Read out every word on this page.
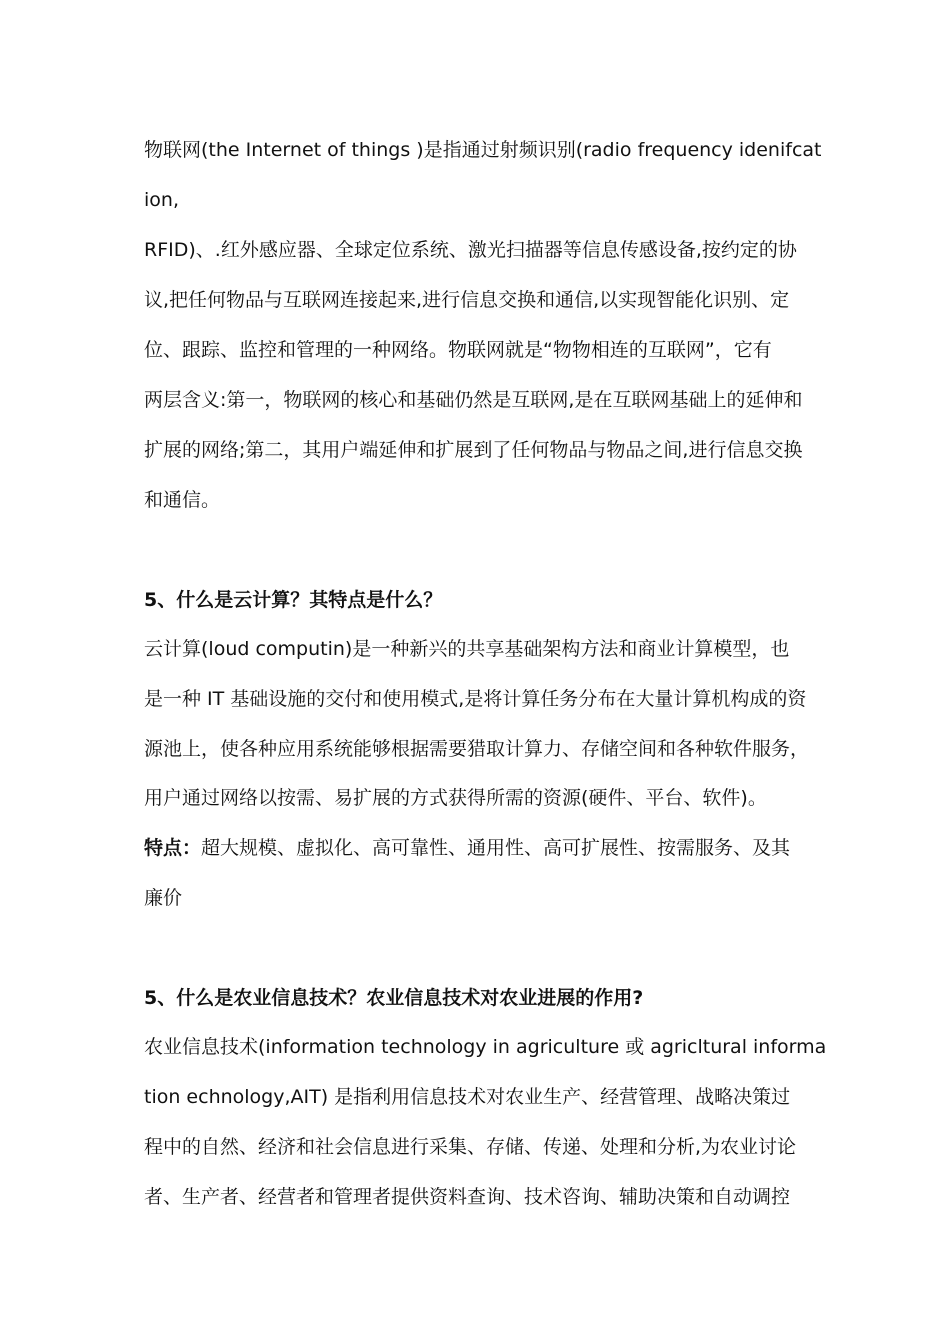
物联网(the Internet of things )是指通过射频识别(radio frequency idenifcat
ion,
RFID)、.红外感应器、全球定位系统、激光扫描器等信息传感设备,按约定的协
议,把任何物品与互联网连接起来,进行信息交换和通信,以实现智能化识别、定
位、跟踪、监控和管理的一种网络。物联网就是“物物相连的互联网”，它有
两层含义:第一，物联网的核心和基础仍然是互联网,是在互联网基础上的延伸和
扩展的网络;第二，其用户端延伸和扩展到了任何物品与物品之间,进行信息交换
和通信。
5、什么是云计算？其特点是什么？
云计算(loud computin)是一种新兴的共享基础架构方法和商业计算模型，也
是一种 IT 基础设施的交付和使用模式,是将计算任务分布在大量计算机构成的资
源池上，使各种应用系统能够根据需要猎取计算力、存储空间和各种软件服务，
用户通过网络以按需、易扩展的方式获得所需的资源(硬件、平台、软件)。
特点：超大规模、虚拟化、高可靠性、通用性、高可扩展性、按需服务、及其
廉价
5、什么是农业信息技术？农业信息技术对农业进展的作用?
农业信息技术(information technology in agriculture 或 agricltural informa
tion echnology,AIT) 是指利用信息技术对农业生产、经营管理、战略决策过
程中的自然、经济和社会信息进行采集、存储、传递、处理和分析,为农业讨论
者、生产者、经营者和管理者提供资料查询、技术咨询、辅助决策和自动调控
